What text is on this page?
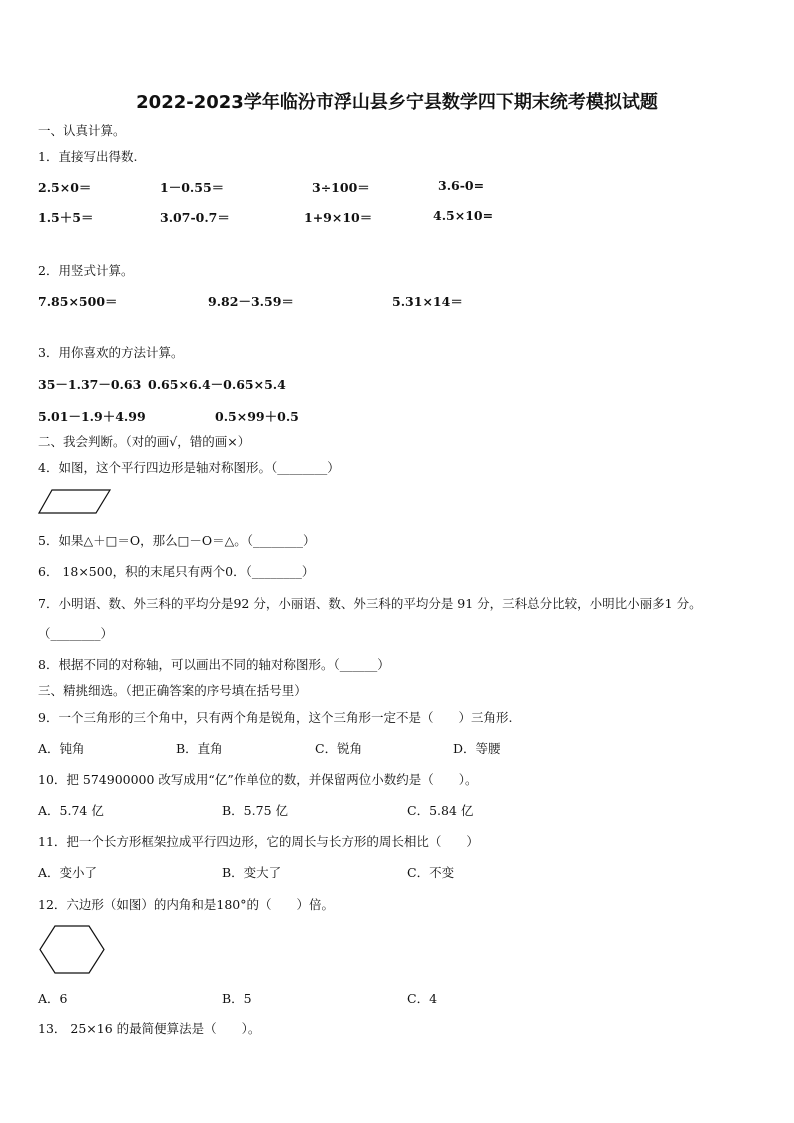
2022-2023学年临汾市浮山县乡宁县数学四下期末统考模拟试题
一、认真计算。
1．直接写出得数.
2.5×0＝	1－0.55＝	3÷100＝	3.6-0=
1.5＋5＝	3.07-0.7＝	1+9×10＝	4.5×10=
2．用竖式计算。
7.85×500＝	9.82－3.59＝	5.31×14＝
3．用你喜欢的方法计算。
35－1.37－0.63 0.65×6.4－0.65×5.4
5.01－1.9＋4.99	0.5×99＋0.5
二、我会判断。（对的画√，错的画×）
4．如图，这个平行四边形是轴对称图形。（________）
5．如果△＋□＝O，那么□－O＝△。（________）
6． 18×500，积的末尾只有两个0．（________）
7．小明语、数、外三科的平均分是92 分，小丽语、数、外三科的平均分是 91 分，三科总分比较，小明比小丽多1 分。
（________）
8．根据不同的对称轴，可以画出不同的轴对称图形。（______）
三、精挑细选。（把正确答案的序号填在括号里）
9．一个三角形的三个角中，只有两个角是锐角，这个三角形一定不是（　　）三角形.
A．钝角	B．直角	C．锐角	D．等腰
10．把 574900000 改写成用“亿”作单位的数，并保留两位小数约是（　　）。
A．5.74 亿	B．5.75 亿	C．5.84 亿
11．把一个长方形框架拉成平行四边形，它的周长与长方形的周长相比（　　）
A．变小了	B．变大了	C．不变
12．六边形（如图）的内角和是180°的（　　）倍。
A．6	B．5	C．4
13． 25×16 的最简便算法是（　　）。
